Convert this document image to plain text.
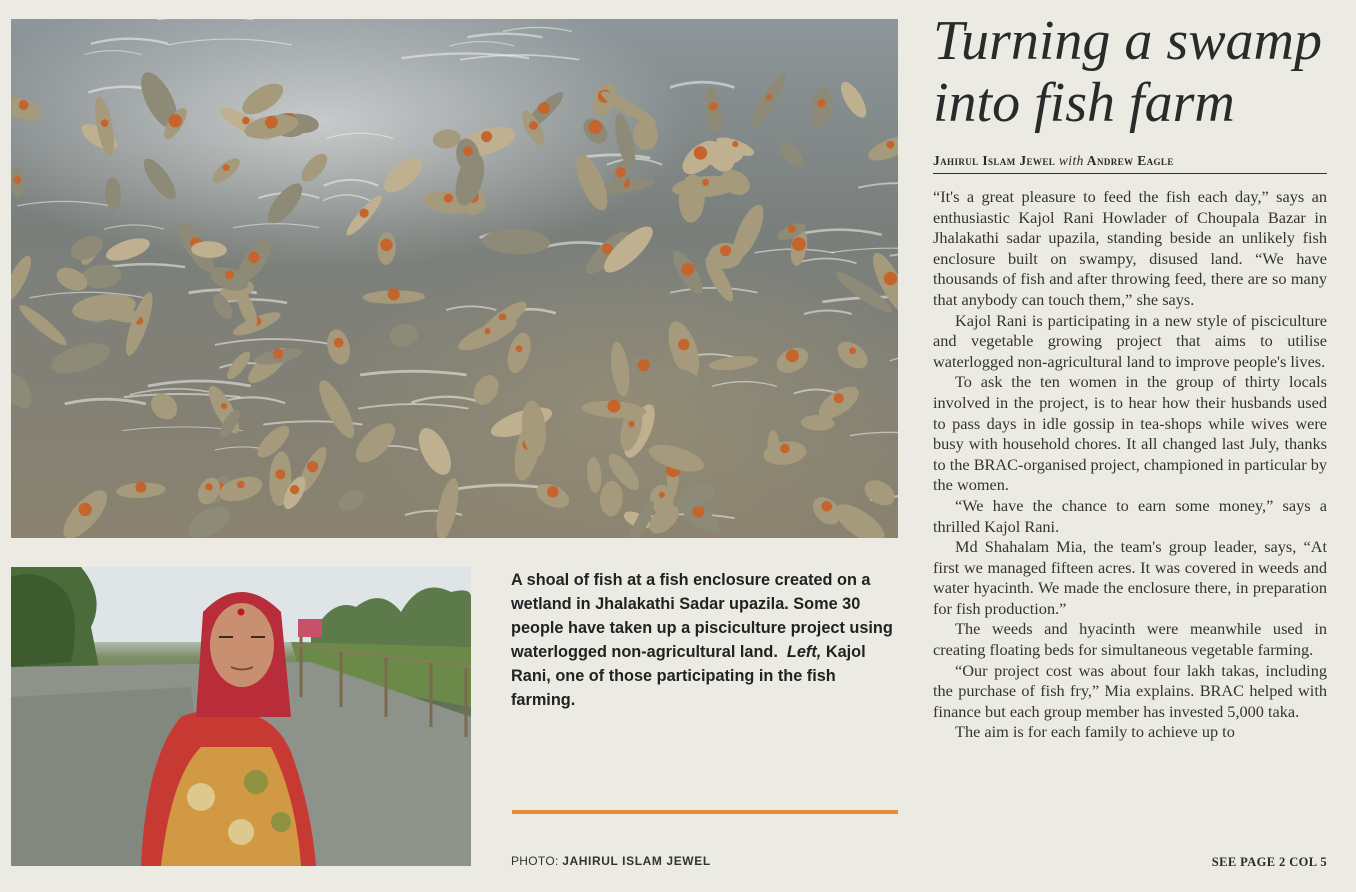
A shoal of fish at a fish enclosure created on a wetland in Jhalakathi Sadar upazila. Some 30 people have taken up a pisciculture project using waterlogged non-agricultural land. Left, Kajol Rani, one of those participating in the fish farming.
PHOTO: JAHIRUL ISLAM JEWEL
Turning a swamp into fish farm
Jahirul Islam Jewel with Andrew Eagle

“It's a great pleasure to feed the fish each day,” says an enthusiastic Kajol Rani Howlader of Choupala Bazar in Jhalakathi sadar upazila, standing beside an unlikely fish enclosure built on swampy, disused land. “We have thousands of fish and after throwing feed, there are so many that anybody can touch them,” she says.

Kajol Rani is participating in a new style of pisciculture and vegetable growing project that aims to utilise waterlogged non-agricultural land to improve people's lives.

To ask the ten women in the group of thirty locals involved in the project, is to hear how their husbands used to pass days in idle gossip in tea-shops while wives were busy with household chores. It all changed last July, thanks to the BRAC-organised project, championed in particular by the women.

“We have the chance to earn some money,” says a thrilled Kajol Rani.

Md Shahalam Mia, the team's group leader, says, “At first we managed fifteen acres. It was covered in weeds and water hyacinth. We made the enclosure there, in preparation for fish production.”

The weeds and hyacinth were meanwhile used in creating floating beds for simultaneous vegetable farming.

“Our project cost was about four lakh takas, including the purchase of fish fry,” Mia explains. BRAC helped with finance but each group member has invested 5,000 taka.

The aim is for each family to achieve up to

SEE PAGE 2 COL 5
